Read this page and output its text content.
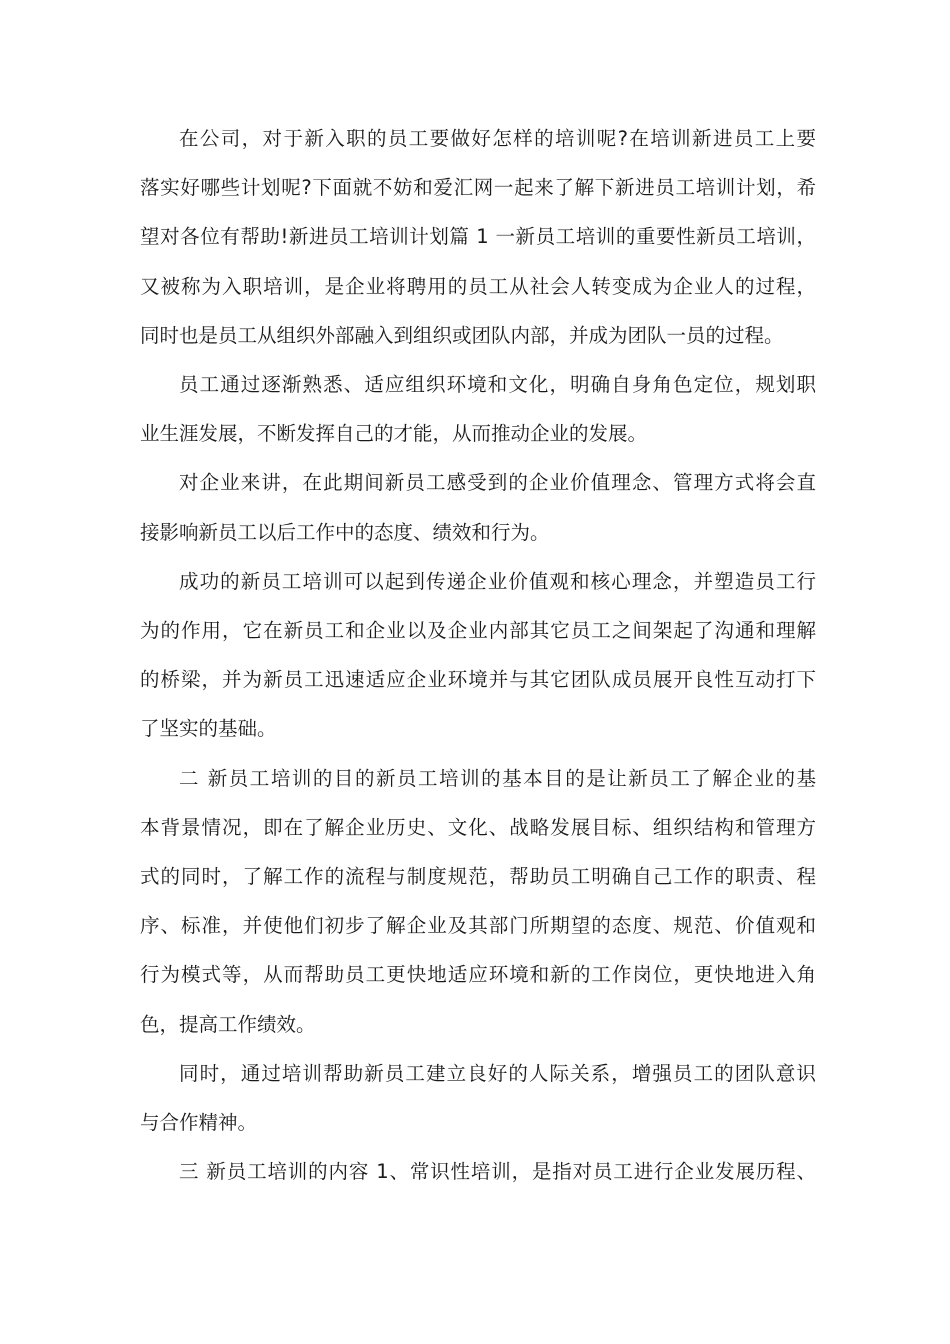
在公司，对于新入职的员工要做好怎样的培训呢?在培训新进员工上要
落实好哪些计划呢?下面就不妨和爱汇网一起来了解下新进员工培训计划，希
望对各位有帮助!新进员工培训计划篇 1 一新员工培训的重要性新员工培训，
又被称为入职培训，是企业将聘用的员工从社会人转变成为企业人的过程，
同时也是员工从组织外部融入到组织或团队内部，并成为团队一员的过程。
员工通过逐渐熟悉、适应组织环境和文化，明确自身角色定位，规划职
业生涯发展，不断发挥自己的才能，从而推动企业的发展。
对企业来讲，在此期间新员工感受到的企业价值理念、管理方式将会直
接影响新员工以后工作中的态度、绩效和行为。
成功的新员工培训可以起到传递企业价值观和核心理念，并塑造员工行
为的作用，它在新员工和企业以及企业内部其它员工之间架起了沟通和理解
的桥梁，并为新员工迅速适应企业环境并与其它团队成员展开良性互动打下
了坚实的基础。
二 新员工培训的目的新员工培训的基本目的是让新员工了解企业的基
本背景情况，即在了解企业历史、文化、战略发展目标、组织结构和管理方
式的同时，了解工作的流程与制度规范，帮助员工明确自己工作的职责、程
序、标准，并使他们初步了解企业及其部门所期望的态度、规范、价值观和
行为模式等，从而帮助员工更快地适应环境和新的工作岗位，更快地进入角
色，提高工作绩效。
同时，通过培训帮助新员工建立良好的人际关系，增强员工的团队意识
与合作精神。
三 新员工培训的内容 1、常识性培训，是指对员工进行企业发展历程、
